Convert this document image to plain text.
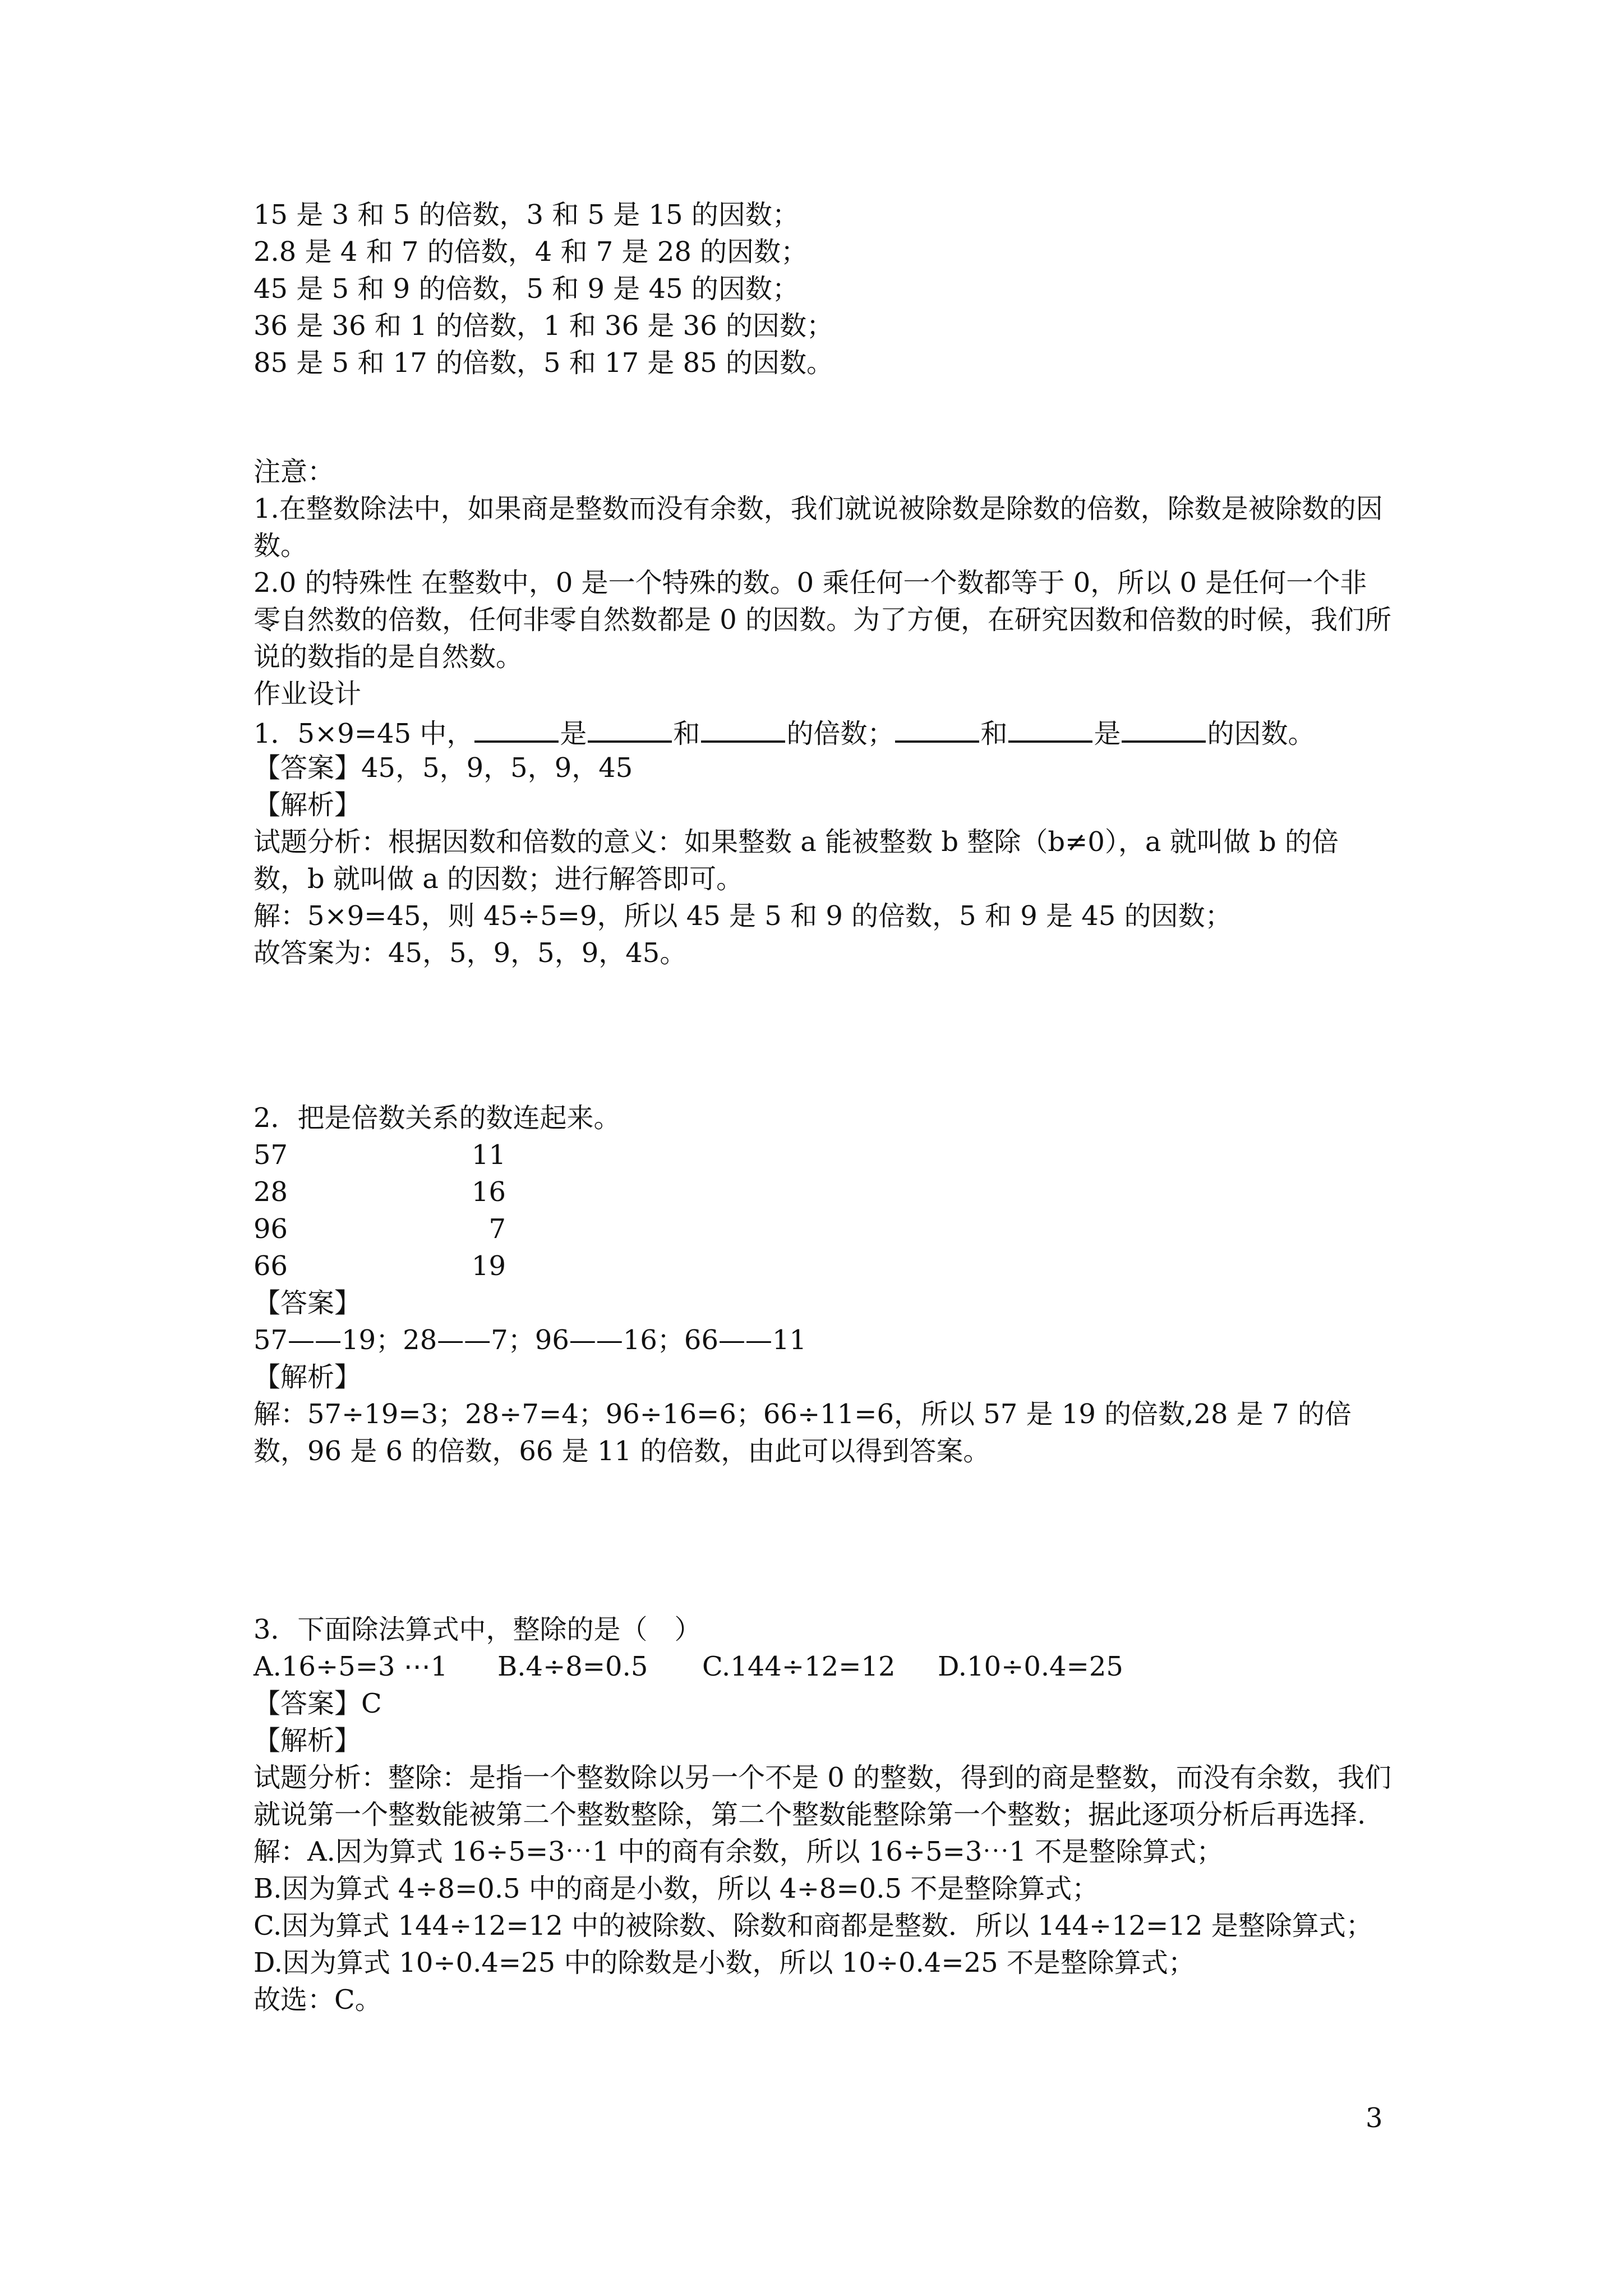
15 是 3 和 5 的倍数，3 和 5 是 15 的因数；
2.8 是 4 和 7 的倍数，4 和 7 是 28 的因数；
45 是 5 和 9 的倍数，5 和 9 是 45 的因数；
36 是 36 和 1 的倍数，1 和 36 是 36 的因数；
85 是 5 和 17 的倍数，5 和 17 是 85 的因数。
注意：
1.在整数除法中，如果商是整数而没有余数，我们就说被除数是除数的倍数，除数是被除数的因数。
2.0 的特殊性 在整数中，0 是一个特殊的数。0 乘任何一个数都等于 0，所以 0 是任何一个非零自然数的倍数，任何非零自然数都是 0 的因数。为了方便，在研究因数和倍数的时候，我们所说的数指的是自然数。
作业设计
1．5×9=45 中，	是	和	的倍数；	和	是	的因数。
【答案】45，5，9，5，9，45
【解析】
试题分析：根据因数和倍数的意义：如果整数 a 能被整数 b 整除（b≠0），a 就叫做 b 的倍数，b 就叫做 a 的因数；进行解答即可。
解：5×9=45，则 45÷5=9，所以 45 是 5 和 9 的倍数，5 和 9 是 45 的因数；
故答案为：45，5，9，5，9，45。
2．把是倍数关系的数连起来。
57	11
28	16
96	7
66	19
【答案】
57——19；28——7；96——16；66——11
【解析】
解：57÷19=3；28÷7=4；96÷16=6；66÷11=6，所以 57 是 19 的倍数,28 是 7 的倍数，96 是 6 的倍数，66 是 11 的倍数，由此可以得到答案。
3．下面除法算式中，整除的是（　）
A.16÷5=3 ⋯1 B.4÷8=0.5 C.144÷12=12 D.10÷0.4=25
【答案】C
【解析】
试题分析：整除：是指一个整数除以另一个不是 0 的整数，得到的商是整数，而没有余数，我们就说第一个整数能被第二个整数整除，第二个整数能整除第一个整数；据此逐项分析后再选择.
解：A.因为算式 16÷5=3⋯1 中的商有余数，所以 16÷5=3⋯1 不是整除算式；
B.因为算式 4÷8=0.5 中的商是小数，所以 4÷8=0.5 不是整除算式；
C.因为算式 144÷12=12 中的被除数、除数和商都是整数．所以 144÷12=12 是整除算式；
D.因为算式 10÷0.4=25 中的除数是小数，所以 10÷0.4=25 不是整除算式；
故选：C。
3
